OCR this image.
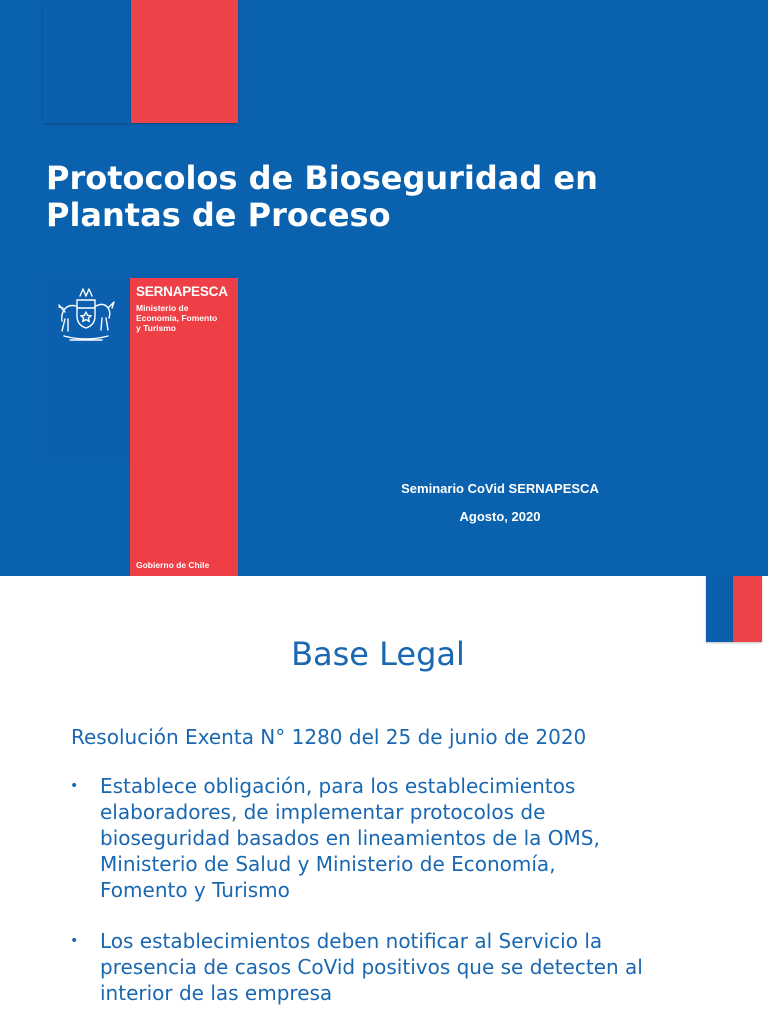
Protocolos de Bioseguridad en
Plantas de Proceso
SERNAPESCA
Ministerio de
Economía, Fomento
y Turismo
Gobierno de Chile
Seminario CoVid SERNAPESCA
Agosto, 2020
Base Legal
Resolución Exenta N° 1280 del 25 de junio de 2020
• Establece obligación, para los establecimientos
elaboradores, de implementar protocolos de
bioseguridad basados en lineamientos de la OMS,
Ministerio de Salud y Ministerio de Economía,
Fomento y Turismo
• Los establecimientos deben notificar al Servicio la
presencia de casos CoVid positivos que se detecten al
interior de las empresa
